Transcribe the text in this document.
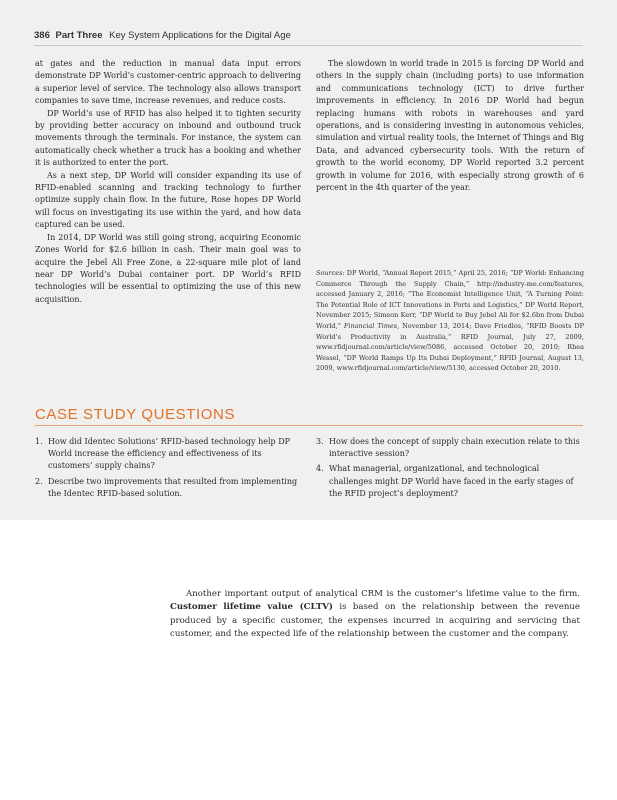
386 Part Three Key System Applications for the Digital Age

at gates and the reduction in manual data input errors demonstrate DP World’s customer-centric approach to delivering a superior level of service. The technology also allows transport companies to save time, increase revenues, and reduce costs.

DP World’s use of RFID has also helped it to tighten security by providing better accuracy on inbound and outbound truck movements through the terminals. For instance, the system can automatically check whether a truck has a booking and whether it is authorized to enter the port.

As a next step, DP World will consider expanding its use of RFID-enabled scanning and tracking technology to further optimize supply chain flow. In the future, Rose hopes DP World will focus on investigating its use within the yard, and how data captured can be used.

In 2014, DP World was still going strong, acquiring Economic Zones World for $2.6 billion in cash. Their main goal was to acquire the Jebel Ali Free Zone, a 22-square mile plot of land near DP World’s Dubai container port. DP World’s RFID technologies will be essential to optimizing the use of this new acquisition.

The slowdown in world trade in 2015 is forcing DP World and others in the supply chain (including ports) to use information and communications technology (ICT) to drive further improvements in efficiency. In 2016 DP World had begun replacing humans with robots in warehouses and yard operations, and is considering investing in autonomous vehicles, simulation and virtual reality tools, the Internet of Things and Big Data, and advanced cybersecurity tools. With the return of growth to the world economy, DP World reported 3.2 percent growth in volume for 2016, with especially strong growth of 6 percent in the 4th quarter of the year.

Sources: DP World, “Annual Report 2015,” April 25, 2016; “DP World: Enhancing Commerce Through the Supply Chain,” http://industry-me.com/features, accessed January 2, 2016; “The Economist Intelligence Unit, “A Turning Point: The Potential Role of ICT Innovations in Ports and Logistics,” DP World Report, November 2015; Simeon Kerr, “DP World to Buy Jebel Ali for $2.6bn from Dubai World,” Financial Times, November 13, 2014; Dave Friedlos, “RFID Boosts DP World’s Productivity in Australia,” RFID Journal, July 27, 2009, www.rfidjournal.com/article/view/5086, accessed October 20, 2010; Rhea Wessel, “DP World Ramps Up Its Dubai Deployment,” RFID Journal, August 13, 2009, www.rfidjournal.com/article/view/5130, accessed October 20, 2010.
CASE STUDY QUESTIONS
1. How did Identec Solutions’ RFID-based technology help DP World increase the efficiency and effectiveness of its customers’ supply chains?
2. Describe two improvements that resulted from implementing the Identec RFID-based solution.
3. How does the concept of supply chain execution relate to this interactive session?
4. What managerial, organizational, and technological challenges might DP World have faced in the early stages of the RFID project’s deployment?

Another important output of analytical CRM is the customer’s lifetime value to the firm. Customer lifetime value (CLTV) is based on the relationship between the revenue produced by a specific customer, the expenses incurred in acquiring and servicing that customer, and the expected life of the relationship between the customer and the company.
